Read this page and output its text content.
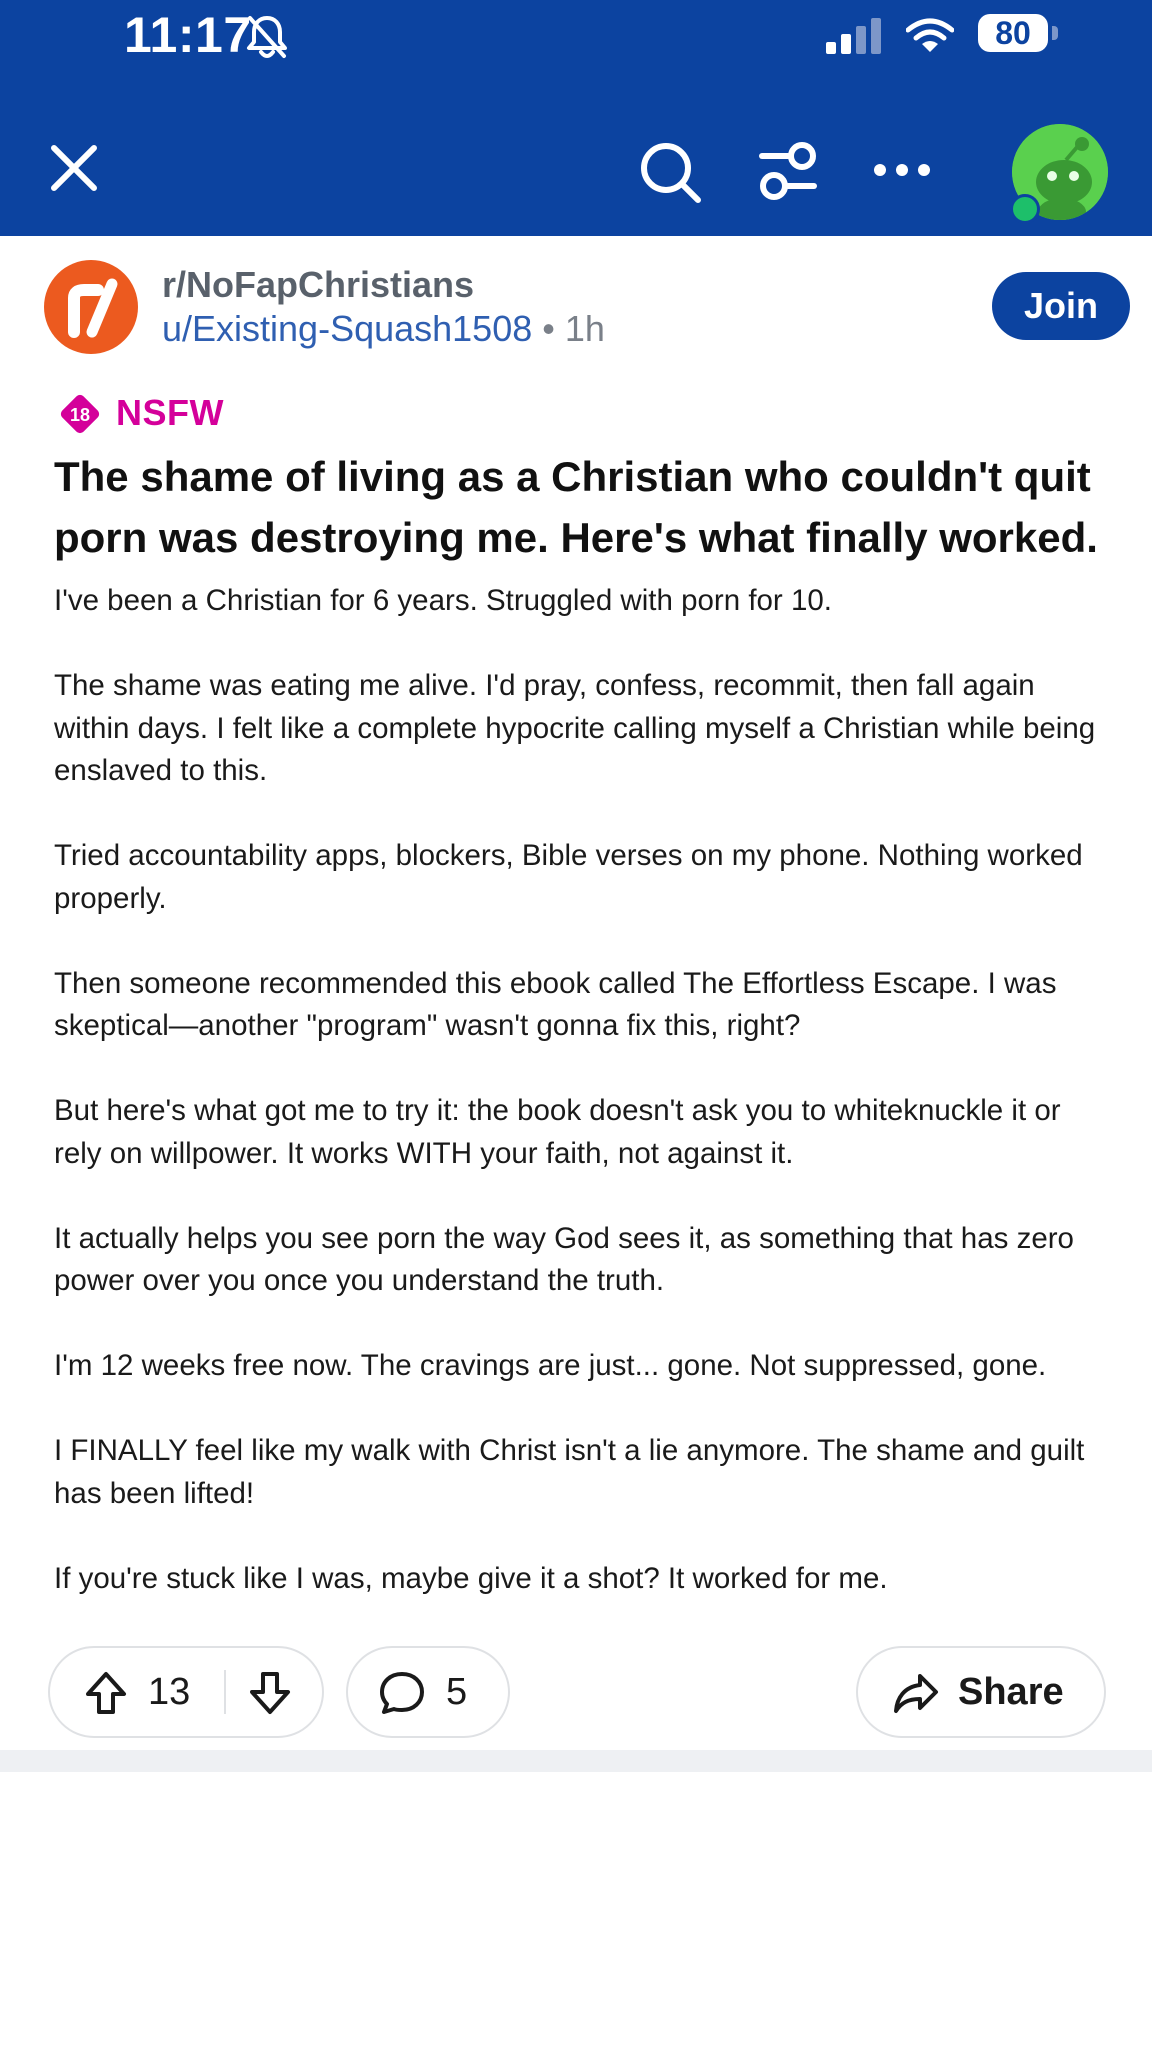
11:17	80
r/NoFapChristians
u/Existing-Squash1508 • 1h
Join
18 NSFW
The shame of living as a Christian who couldn't quit porn was destroying me. Here's what finally worked.

I've been a Christian for 6 years. Struggled with porn for 10.

The shame was eating me alive. I'd pray, confess, recommit, then fall again within days. I felt like a complete hypocrite calling myself a Christian while being enslaved to this.

Tried accountability apps, blockers, Bible verses on my phone. Nothing worked properly.

Then someone recommended this ebook called The Effortless Escape. I was skeptical—another "program" wasn't gonna fix this, right?

But here's what got me to try it: the book doesn't ask you to whiteknuckle it or rely on willpower. It works WITH your faith, not against it.

It actually helps you see porn the way God sees it, as something that has zero power over you once you understand the truth.

I'm 12 weeks free now. The cravings are just... gone. Not suppressed, gone.

I FINALLY feel like my walk with Christ isn't a lie anymore. The shame and guilt has been lifted!

If you're stuck like I was, maybe give it a shot? It worked for me.

13	5	Share
